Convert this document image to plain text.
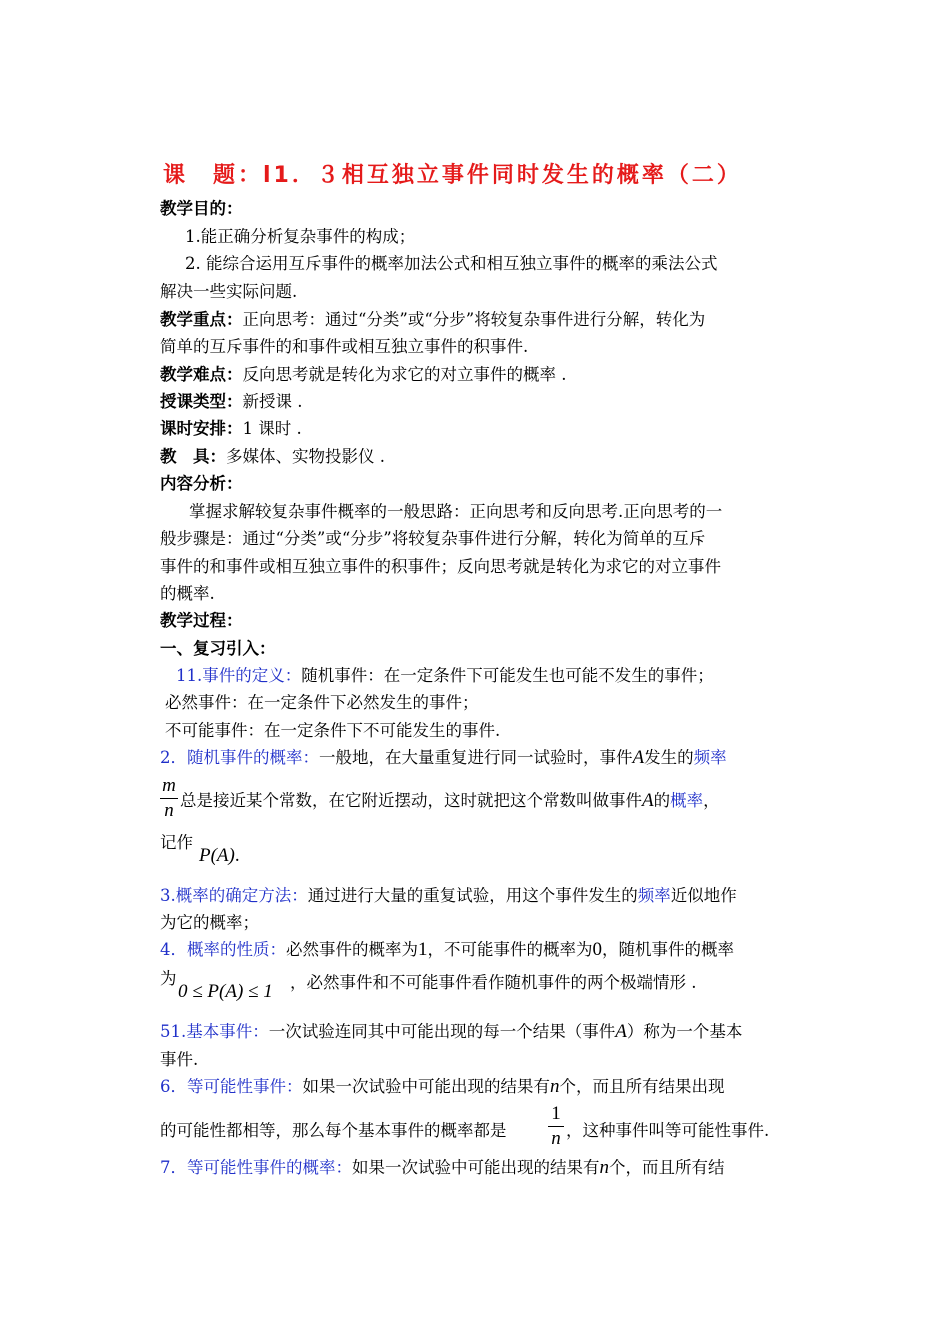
课　题：l1．３相互独立事件同时发生的概率（二）
教学目的：
1.能正确分析复杂事件的构成；
2. 能综合运用互斥事件的概率加法公式和相互独立事件的概率的乘法公式
解决一些实际问题.
教学重点：正向思考：通过“分类”或“分步”将较复杂事件进行分解，转化为
简单的互斥事件的和事件或相互独立事件的积事件.
教学难点：反向思考就是转化为求它的对立事件的概率 .
授课类型：新授课 .
课时安排：1 课时 .
教　具：多媒体、实物投影仪 .
内容分析：
掌握求解较复杂事件概率的一般思路：正向思考和反向思考.正向思考的一
般步骤是：通过“分类”或“分步”将较复杂事件进行分解，转化为简单的互斥
事件的和事件或相互独立事件的积事件；反向思考就是转化为求它的对立事件
的概率.
教学过程：
一、复习引入：
11.事件的定义：随机事件：在一定条件下可能发生也可能不发生的事件；
必然事件：在一定条件下必然发生的事件；
不可能事件：在一定条件下不可能发生的事件.
2．随机事件的概率：一般地，在大量重复进行同一试验时，事件A发生的频率
m
n 总是接近某个常数，在它附近摆动，这时就把这个常数叫做事件A的概率，
记作
P(A).
3.概率的确定方法：通过进行大量的重复试验，用这个事件发生的频率近似地作
为它的概率；
4．概率的性质：必然事件的概率为1，不可能事件的概率为0，随机事件的概率
为
0 ≤ P(A) ≤ 1 ，必然事件和不可能事件看作随机事件的两个极端情形 .
51.基本事件：一次试验连同其中可能出现的每一个结果（事件A）称为一个基本
事件.
6．等可能性事件：如果一次试验中可能出现的结果有n个，而且所有结果出现
的可能性都相等，那么每个基本事件的概率都是
1
n ，这种事件叫等可能性事件.
7．等可能性事件的概率：如果一次试验中可能出现的结果有n个，而且所有结
